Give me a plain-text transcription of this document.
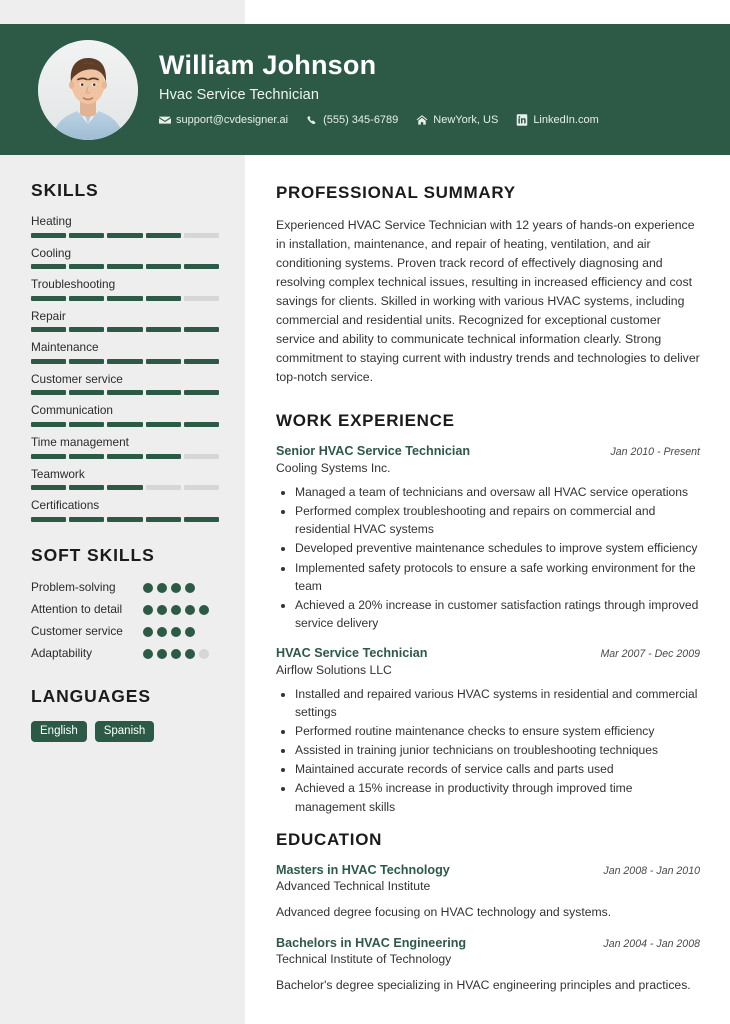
William Johnson
Hvac Service Technician
support@cvdesigner.ai	(555) 345-6789	NewYork, US	LinkedIn.com
SKILLS
Heating
Cooling
Troubleshooting
Repair
Maintenance
Customer service
Communication
Time management
Teamwork
Certifications
SOFT SKILLS
Problem-solving
Attention to detail
Customer service
Adaptability
LANGUAGES
English	Spanish
PROFESSIONAL SUMMARY

Experienced HVAC Service Technician with 12 years of hands-on experience in installation, maintenance, and repair of heating, ventilation, and air conditioning systems. Proven track record of effectively diagnosing and resolving complex technical issues, resulting in increased efficiency and cost savings for clients. Skilled in working with various HVAC systems, including commercial and residential units. Recognized for exceptional customer service and ability to communicate technical information clearly. Strong commitment to staying current with industry trends and technologies to deliver top-notch service.

WORK EXPERIENCE
Senior HVAC Service Technician	Jan 2010 - Present
Cooling Systems Inc.
• Managed a team of technicians and oversaw all HVAC service operations
• Performed complex troubleshooting and repairs on commercial and residential HVAC systems
• Developed preventive maintenance schedules to improve system efficiency
• Implemented safety protocols to ensure a safe working environment for the team
• Achieved a 20% increase in customer satisfaction ratings through improved service delivery
HVAC Service Technician	Mar 2007 - Dec 2009
Airflow Solutions LLC
• Installed and repaired various HVAC systems in residential and commercial settings
• Performed routine maintenance checks to ensure system efficiency
• Assisted in training junior technicians on troubleshooting techniques
• Maintained accurate records of service calls and parts used
• Achieved a 15% increase in productivity through improved time management skills
EDUCATION
Masters in HVAC Technology	Jan 2008 - Jan 2010
Advanced Technical Institute
Advanced degree focusing on HVAC technology and systems.
Bachelors in HVAC Engineering	Jan 2004 - Jan 2008
Technical Institute of Technology
Bachelor's degree specializing in HVAC engineering principles and practices.
